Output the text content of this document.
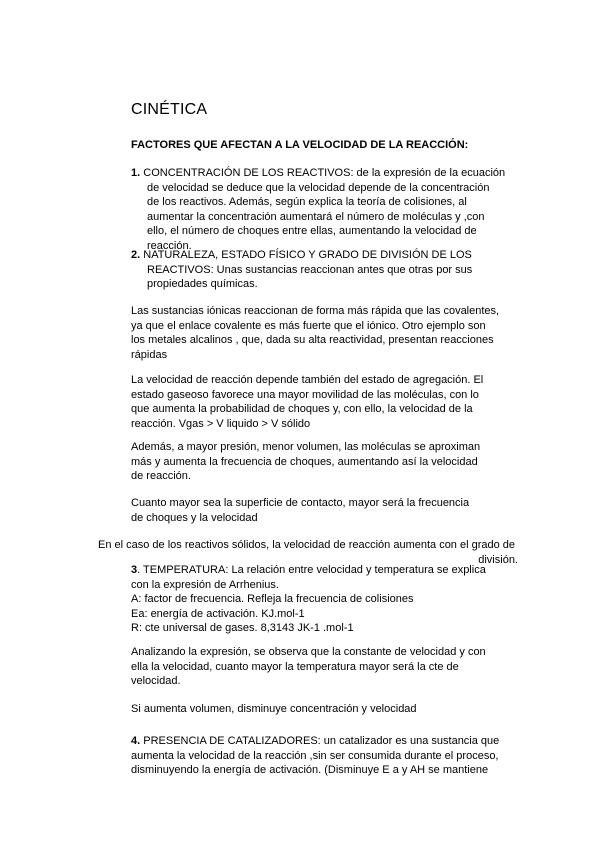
CINÉTICA
FACTORES QUE AFECTAN A LA VELOCIDAD DE LA REACCIÓN:
1. CONCENTRACIÓN DE LOS REACTIVOS: de la expresión de la ecuación
de velocidad se deduce que la velocidad depende de la concentración
de los reactivos. Además, según explica la teoría de colisiones, al
aumentar la concentración aumentará el número de moléculas y ,con
ello, el número de choques entre ellas, aumentando la velocidad de
reacción.
2. NATURALEZA, ESTADO FÍSICO Y GRADO DE DIVISIÓN DE LOS
REACTIVOS: Unas sustancias reaccionan antes que otras por sus
propiedades químicas.
Las sustancias iónicas reaccionan de forma más rápida que las covalentes,
ya que el enlace covalente es más fuerte que el iónico. Otro ejemplo son
los metales alcalinos , que, dada su alta reactividad, presentan reacciones
rápidas
La velocidad de reacción depende también del estado de agregación. El
estado gaseoso favorece una mayor movilidad de las moléculas, con lo
que aumenta la probabilidad de choques y, con ello, la velocidad de la
reacción. Vgas > V liquido > V sólido
Además, a mayor presión, menor volumen, las moléculas se aproximan
más y aumenta la frecuencia de choques, aumentando así la velocidad
de reacción.
Cuanto mayor sea la superficie de contacto, mayor será la frecuencia
de choques y la velocidad
En el caso de los reactivos sólidos, la velocidad de reacción aumenta con el grado de
división.
3. TEMPERATURA: La relación entre velocidad y temperatura se explica
con la expresión de Arrhenius.
A: factor de frecuencia. Refleja la frecuencia de colisiones
Ea: energía de activación. KJ.mol-1
R: cte universal de gases. 8,3143 JK-1 .mol-1
Analizando la expresión, se observa que la constante de velocidad y con
ella la velocidad, cuanto mayor la temperatura mayor será la cte de
velocidad.
Si aumenta volumen, disminuye concentración y velocidad
4. PRESENCIA DE CATALIZADORES: un catalizador es una sustancia que
aumenta la velocidad de la reacción ,sin ser consumida durante el proceso,
disminuyendo la energía de activación. (Disminuye E a y AH se mantiene
